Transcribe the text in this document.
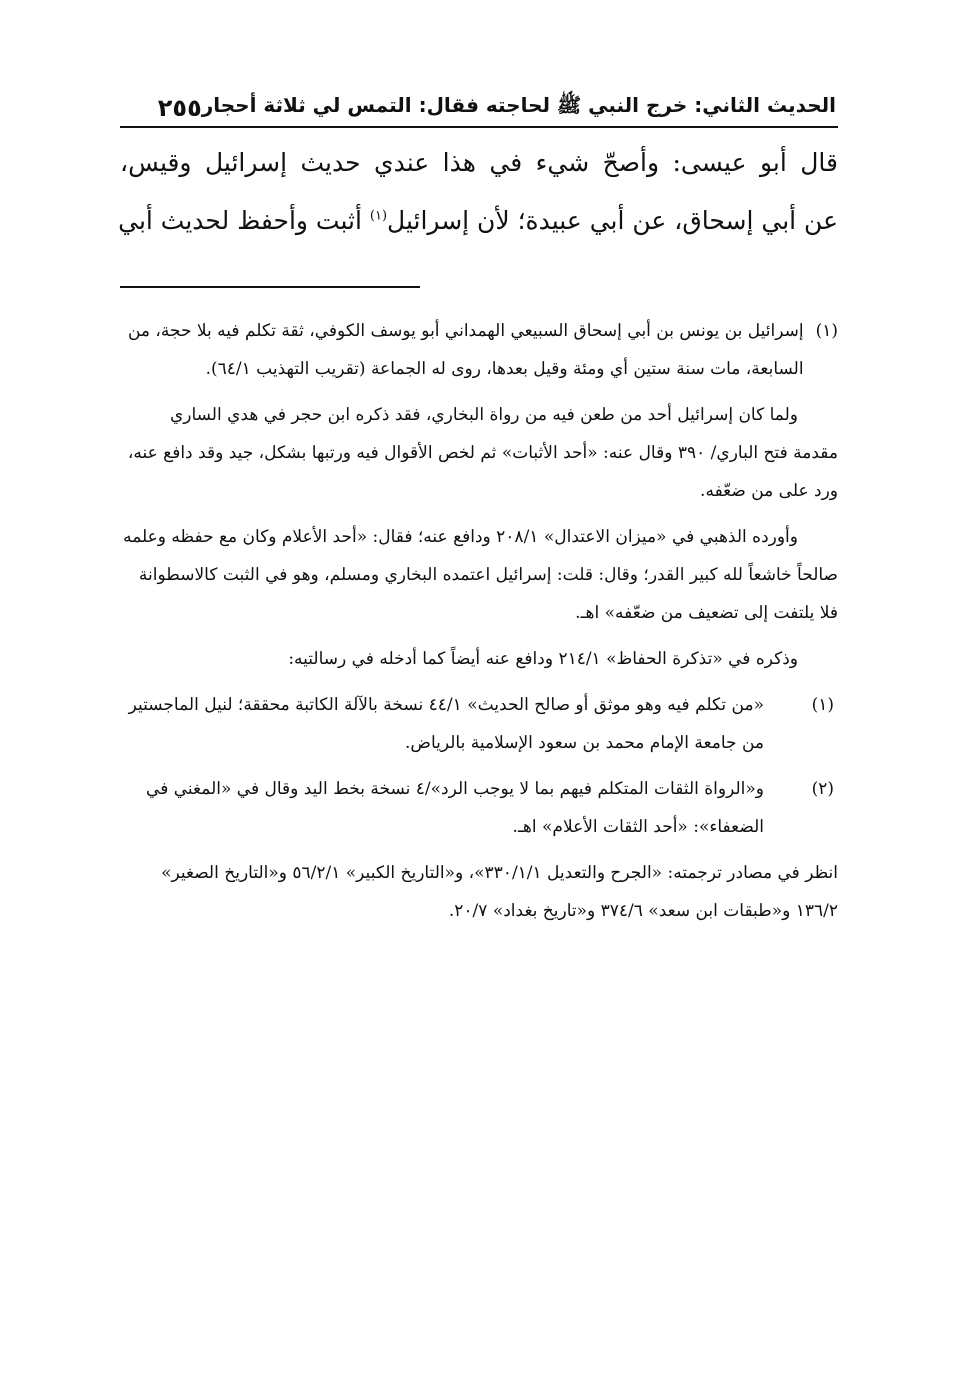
الحديث الثاني: خرج النبي ﷺ لحاجته فقال: التمس لي ثلاثة أحجار
٢٥٥
قال أبو عيسى: وأصحّ شيء في هذا عندي حديث إسرائيل وقيس،
عن أبي إسحاق، عن أبي عبيدة؛ لأن إسرائيل$^{(١)}$ أثبت وأحفظ لحديث أبي
(١)
إسرائيل بن يونس بن أبي إسحاق السبيعي الهمداني أبو يوسف الكوفي، ثقة تكلم فيه بلا حجة، من السابعة، مات سنة ستين أي ومئة وقيل بعدها، روى له الجماعة (تقريب التهذيب ٦٤/١).

ولما كان إسرائيل أحد من طعن فيه من رواة البخاري، فقد ذكره ابن حجر في هدي الساري مقدمة فتح الباري/ ٣٩٠ وقال عنه: «أحد الأثبات» ثم لخص الأقوال فيه ورتبها بشكل، جيد وقد دافع عنه، ورد على من ضعّفه.

وأورده الذهبي في «ميزان الاعتدال» ٢٠٨/١ ودافع عنه؛ فقال: «أحد الأعلام وكان مع حفظه وعلمه صالحاً خاشعاً لله كبير القدر؛ وقال: قلت: إسرائيل اعتمده البخاري ومسلم، وهو في الثبت كالاسطوانة فلا يلتفت إلى تضعيف من ضعّفه» اهـ.

وذكره في «تذكرة الحفاظ» ٢١٤/١ ودافع عنه أيضاً كما أدخله في رسالتيه:

(١)
«من تكلم فيه وهو موثق أو صالح الحديث» ٤٤/١ نسخة بالآلة الكاتبة محققة؛ لنيل الماجستير من جامعة الإمام محمد بن سعود الإسلامية بالرياض.
(٢)
و«الرواة الثقات المتكلم فيهم بما لا يوجب الرد»/٤ نسخة بخط اليد وقال في «المغني في الضعفاء»: «أحد الثقات الأعلام» اهـ.

انظر في مصادر ترجمته: «الجرح والتعديل ٣٣٠/١/١»، و«التاريخ الكبير» ٥٦/٢/١ و«التاريخ الصغير» ١٣٦/٢ و«طبقات ابن سعد» ٣٧٤/٦ و«تاريخ بغداد» ٢٠/٧.
